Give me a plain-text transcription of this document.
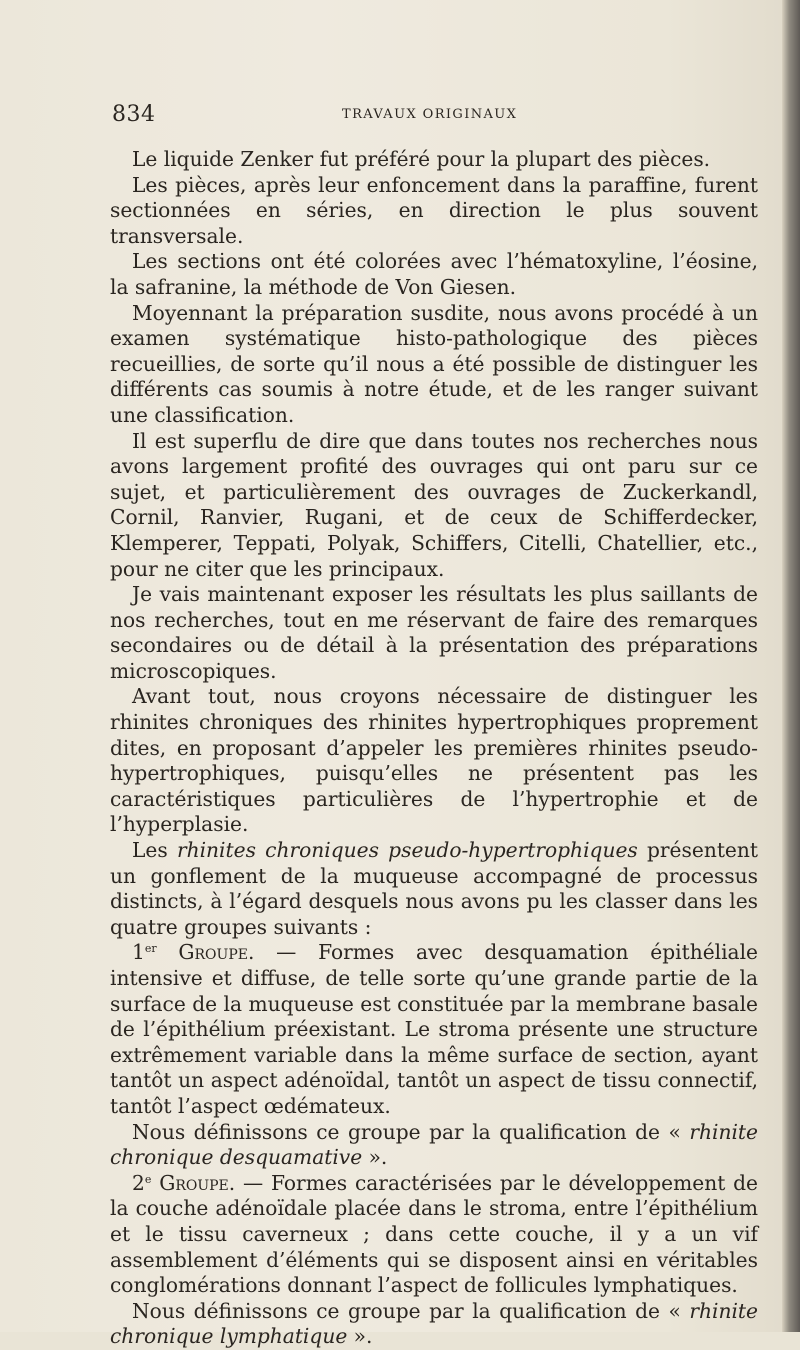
834	TRAVAUX ORIGINAUX

Le liquide Zenker fut préféré pour la plupart des pièces.

Les pièces, après leur enfoncement dans la paraffine, furent sectionnées en séries, en direction le plus souvent transversale.

Les sections ont été colorées avec l’hématoxyline, l’éosine, la safranine, la méthode de Von Giesen.

Moyennant la préparation susdite, nous avons procédé à un examen systématique histo-pathologique des pièces recueillies, de sorte qu’il nous a été possible de distinguer les différents cas soumis à notre étude, et de les ranger suivant une classification.

Il est superflu de dire que dans toutes nos recherches nous avons largement profité des ouvrages qui ont paru sur ce sujet, et particulièrement des ouvrages de Zuckerkandl, Cornil, Ranvier, Rugani, et de ceux de Schifferdecker, Klemperer, Teppati, Polyak, Schiffers, Citelli, Chatellier, etc., pour ne citer que les principaux.

Je vais maintenant exposer les résultats les plus saillants de nos recherches, tout en me réservant de faire des remarques secondaires ou de détail à la présentation des préparations microscopiques.

Avant tout, nous croyons nécessaire de distinguer les rhinites chroniques des rhinites hypertrophiques proprement dites, en proposant d’appeler les premières rhinites pseudo-hypertrophiques, puisqu’elles ne présentent pas les caractéristiques particulières de l’hypertrophie et de l’hyperplasie.

Les rhinites chroniques pseudo-hypertrophiques présentent un gonflement de la muqueuse accompagné de processus distincts, à l’égard desquels nous avons pu les classer dans les quatre groupes suivants :

1er Groupe. — Formes avec desquamation épithéliale intensive et diffuse, de telle sorte qu’une grande partie de la surface de la muqueuse est constituée par la membrane basale de l’épithélium préexistant. Le stroma présente une structure extrêmement variable dans la même surface de section, ayant tantôt un aspect adénoïdal, tantôt un aspect de tissu connectif, tantôt l’aspect œdémateux.

Nous définissons ce groupe par la qualification de « rhinite chronique desquamative ».

2e Groupe. — Formes caractérisées par le développement de la couche adénoïdale placée dans le stroma, entre l’épithélium et le tissu caverneux ; dans cette couche, il y a un vif assemblement d’éléments qui se disposent ainsi en véritables conglomérations donnant l’aspect de follicules lymphatiques.

Nous définissons ce groupe par la qualification de « rhinite chronique lymphatique ».
